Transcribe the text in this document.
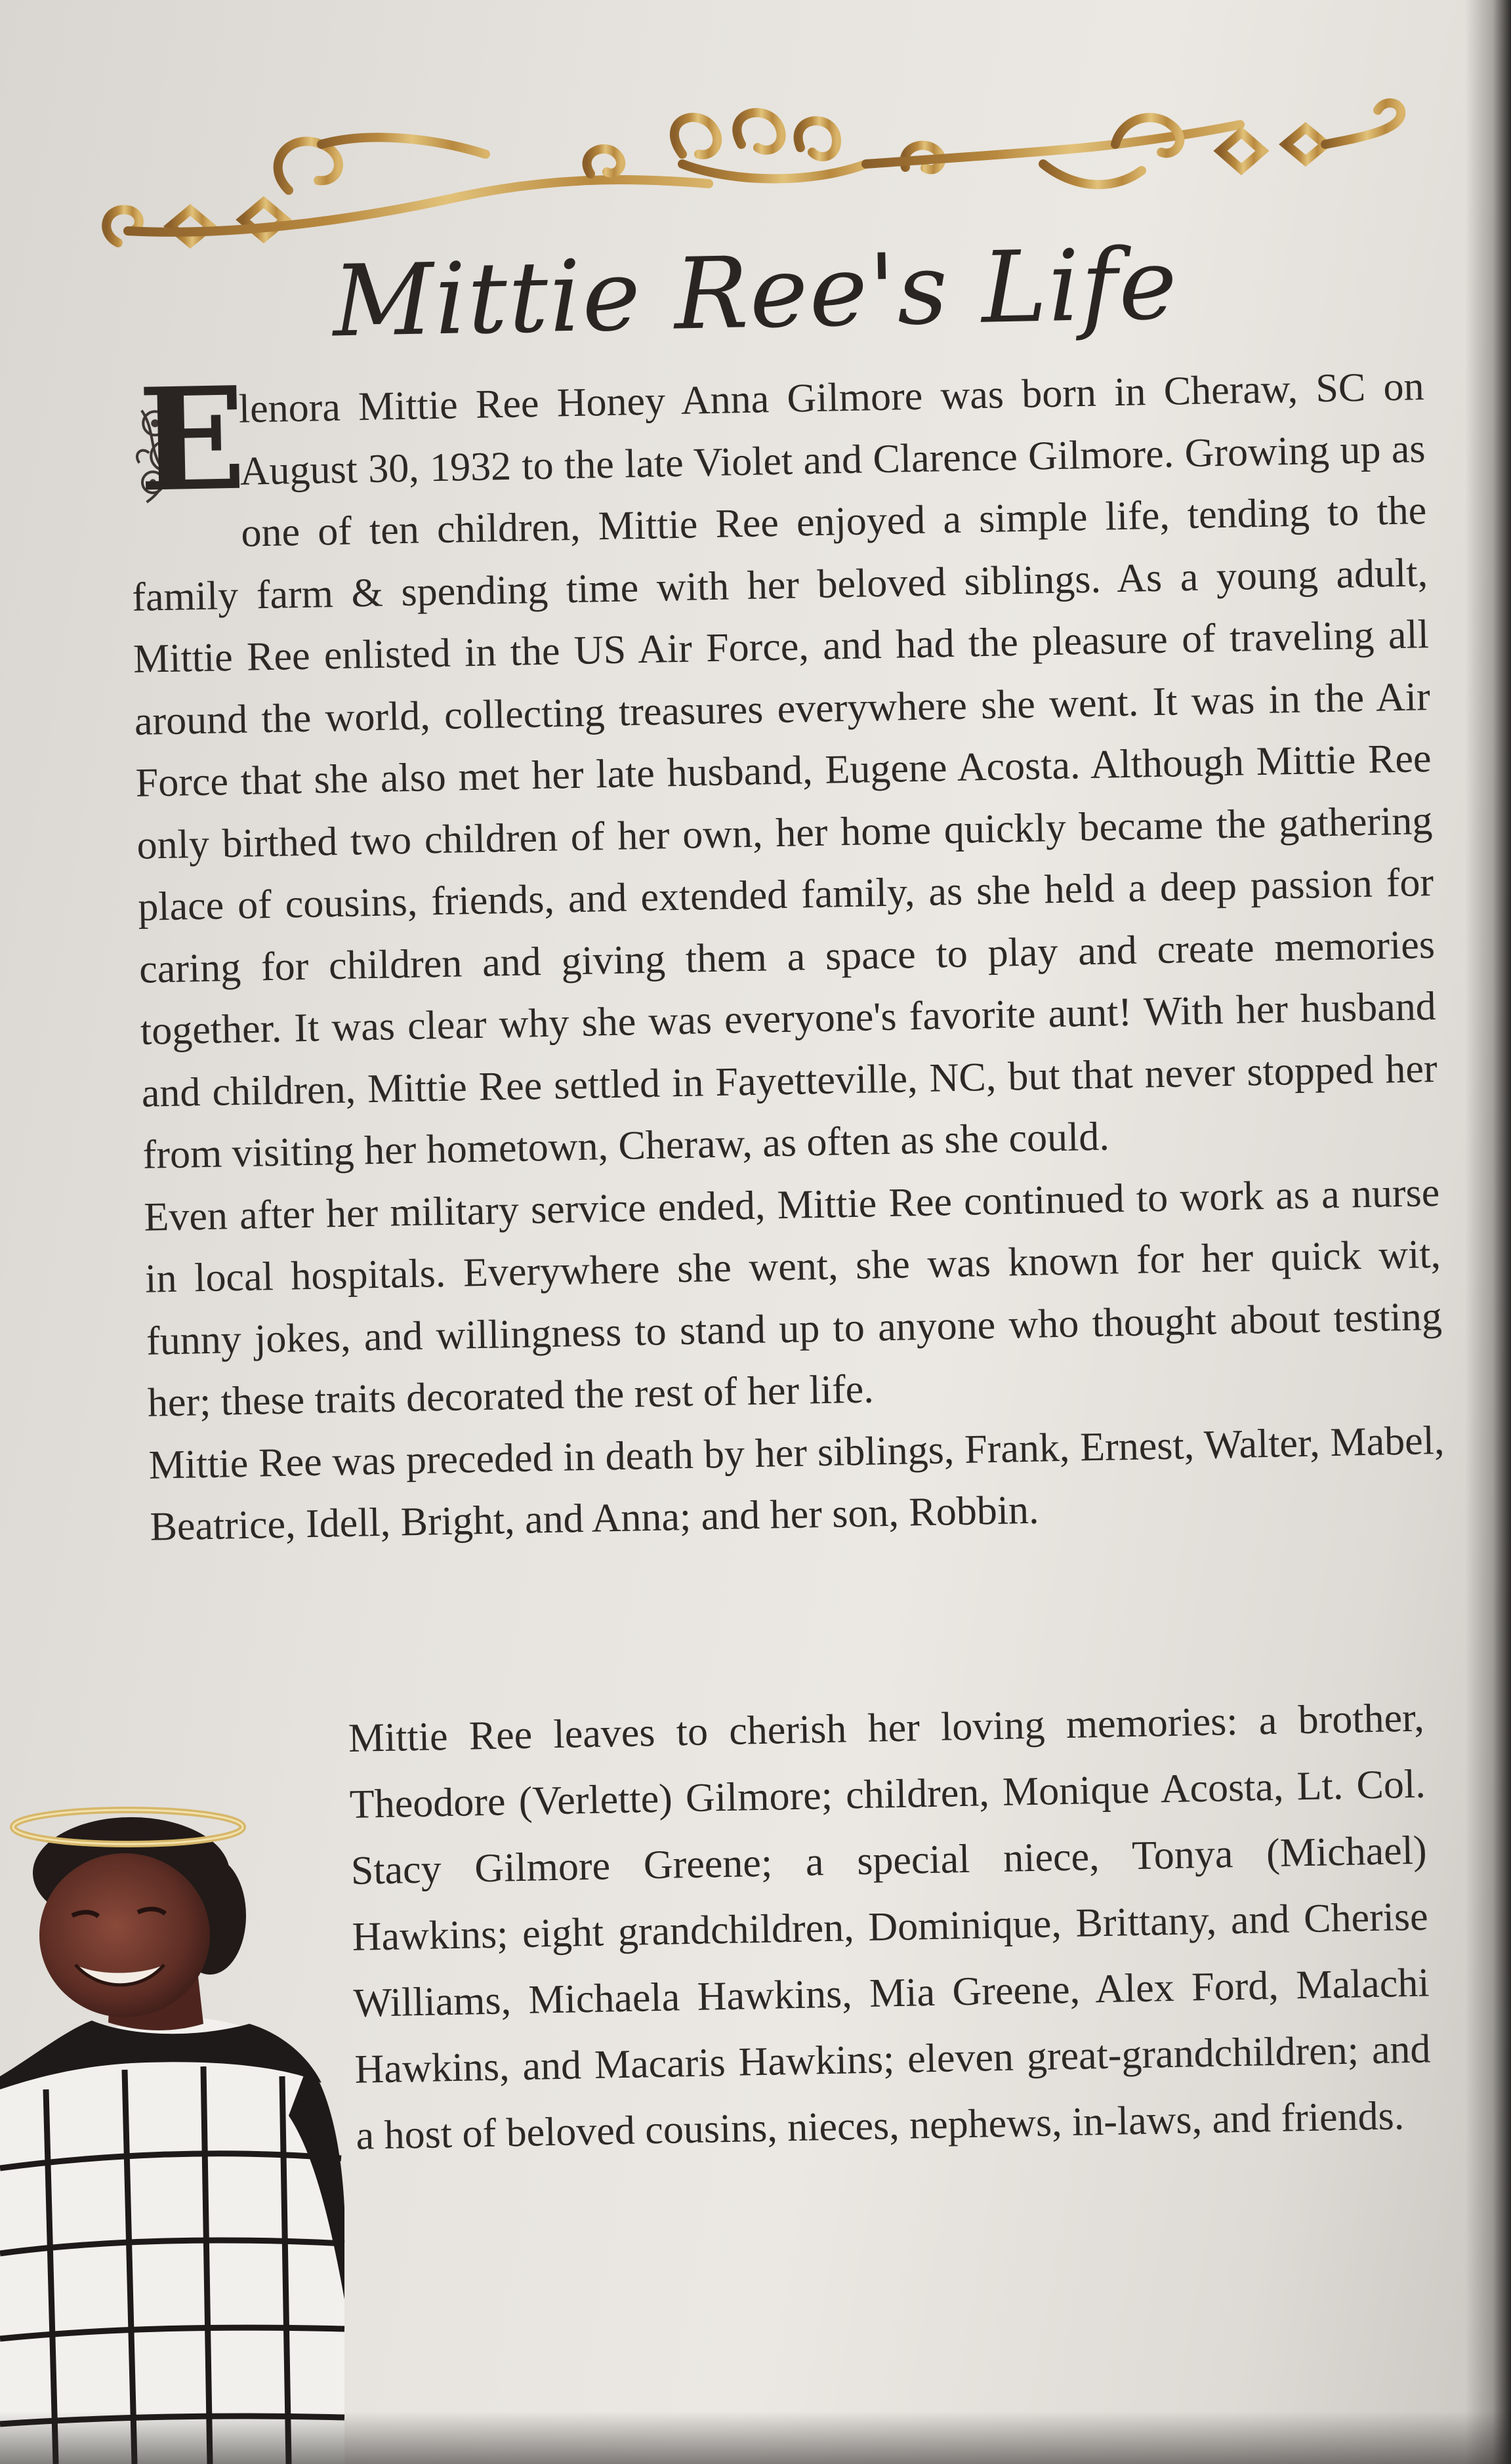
Mittie Ree's Life

E
lenora Mittie Ree Honey Anna Gilmore was born in Cheraw, SC on August 30, 1932 to the late Violet and Clarence Gilmore. Growing up as one of ten children, Mittie Ree enjoyed a simple life, tending to the family farm & spending time with her beloved siblings. As a young adult, Mittie Ree enlisted in the US Air Force, and had the pleasure of traveling all around the world, collecting treasures everywhere she went. It was in the Air Force that she also met her late husband, Eugene Acosta. Although Mittie Ree only birthed two children of her own, her home quickly became the gathering place of cousins, friends, and extended family, as she held a deep passion for caring for children and giving them a space to play and create memories together. It was clear why she was everyone's favorite aunt! With her husband and children, Mittie Ree settled in Fayetteville, NC, but that never stopped her from visiting her hometown, Cheraw, as often as she could.

Even after her military service ended, Mittie Ree continued to work as a nurse in local hospitals. Everywhere she went, she was known for her quick wit, funny jokes, and willingness to stand up to anyone who thought about testing her; these traits decorated the rest of her life.

Mittie Ree was preceded in death by her siblings, Frank, Ernest, Walter, Mabel, Beatrice, Idell, Bright, and Anna; and her son, Robbin.

Mittie Ree leaves to cherish her loving memories: a brother, Theodore (Verlette) Gilmore; children, Monique Acosta, Lt. Col. Stacy Gilmore Greene; a special niece, Tonya (Michael) Hawkins; eight grandchildren, Dominique, Brittany, and Cherise Williams, Michaela Hawkins, Mia Greene, Alex Ford, Malachi Hawkins, and Macaris Hawkins; eleven great-grandchildren; and a host of beloved cousins, nieces, nephews, in-laws, and friends.
